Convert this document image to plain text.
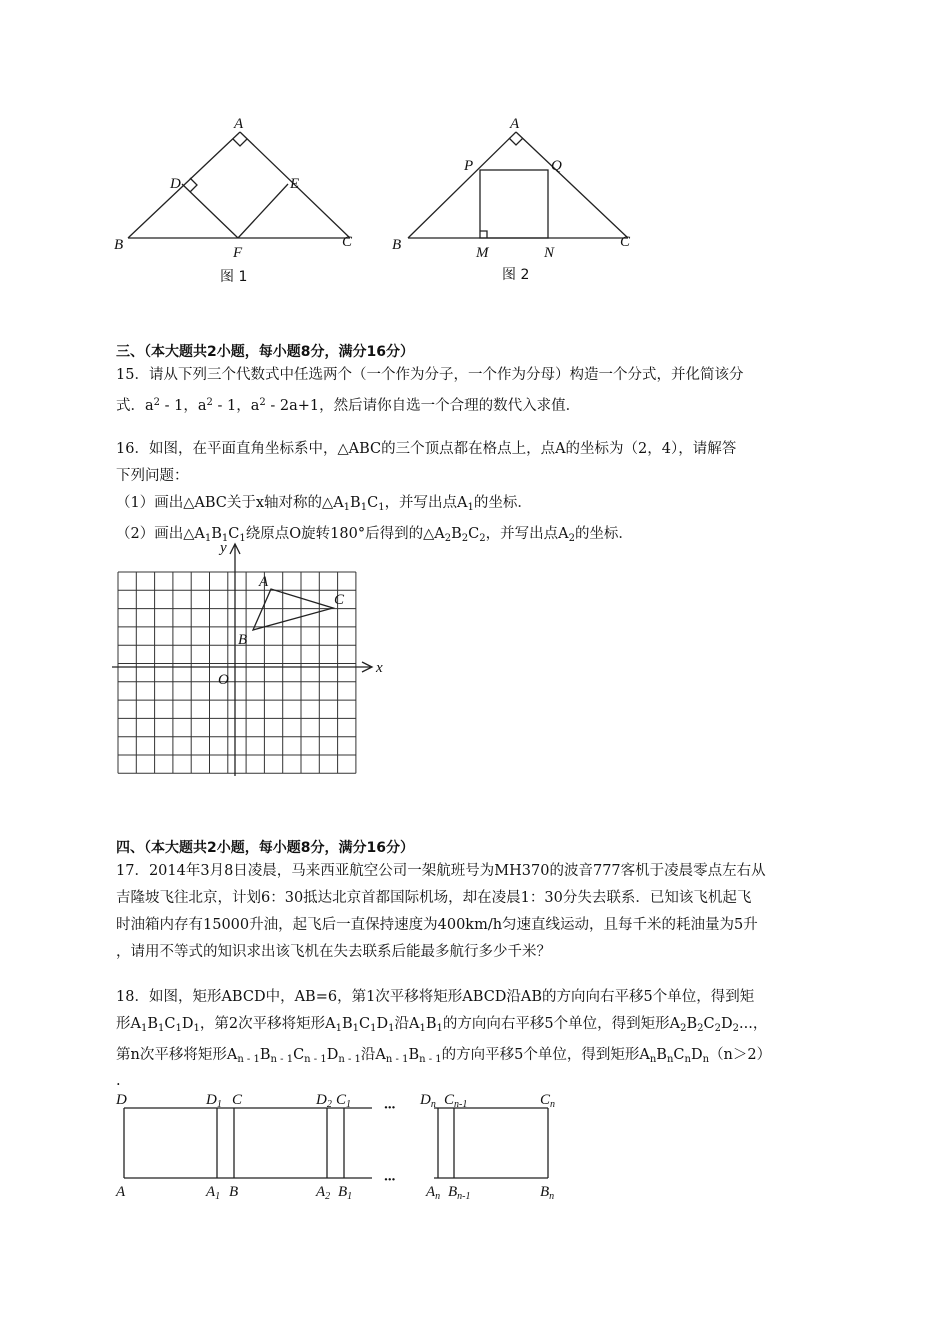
A
B	C
D	E
F
图 1
A
B	C
P	Q
M	N
图 2
三、（本大题共2小题，每小题8分，满分16分）
15．请从下列三个代数式中任选两个（一个作为分子，一个作为分母）构造一个分式，并化简该分
式．$a^2 - 1$，$a^2 - 1$，$a^2 - 2a+1$，然后请你自选一个合理的数代入求值．
16．如图，在平面直角坐标系中，△ABC的三个顶点都在格点上，点A的坐标为（2，4），请解答
下列问题：
（1）画出△ABC关于x轴对称的$\triangle A_1B_1C_1$，并写出点$A_1$的坐标．
（2）画出$\triangle A_1B_1C_1$绕原点O旋转180°后得到的$\triangle A_2B_2C_2$，并写出点$A_2$的坐标．
y
x
O
A
B
C
四、（本大题共2小题，每小题8分，满分16分）
17．2014年3月8日凌晨，马来西亚航空公司一架航班号为MH370的波音777客机于凌晨零点左右从
吉隆坡飞往北京，计划6：30抵达北京首都国际机场，却在凌晨1：30分失去联系．已知该飞机起飞
时油箱内存有15000升油，起飞后一直保持速度为400km/h匀速直线运动，且每千米的耗油量为5升
，请用不等式的知识求出该飞机在失去联系后能最多航行多少千米？
18．如图，矩形ABCD中，AB=6，第1次平移将矩形ABCD沿AB的方向向右平移5个单位，得到矩
形$A_1B_1C_1D_1$，第2次平移将矩形$A_1B_1C_1D_1$沿$A_1B_1$的方向向右平移5个单位，得到矩形$A_2B_2C_2D_2$...，
第n次平移将矩形$A_{n - 1}B_{n - 1}C_{n - 1}D_{n - 1}$沿$A_{n - 1}B_{n - 1}$的方向平移5个单位，得到矩形$A_nB_nC_nD_n(n>2)$
.
D	$D_1$ C	$D_2$ $C_1$ ··· $D_n$ $C_{n-1}$	$C_n$
A	$A_1$ B	$A_2$ $B_1$
···
$A_n$ $B_{n-1}$	$B_n$
